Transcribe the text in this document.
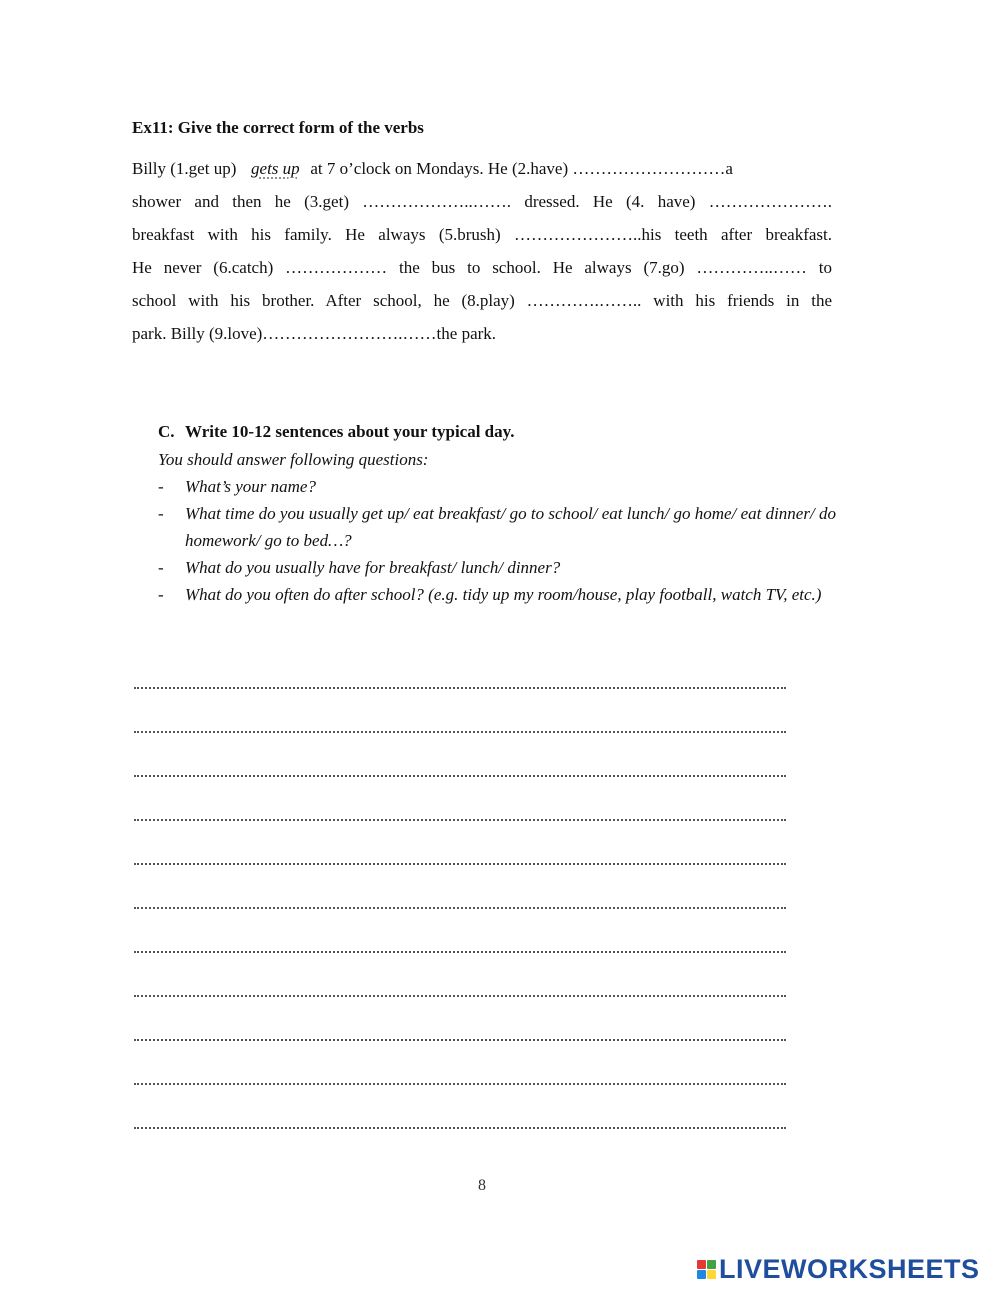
Ex11: Give the correct form of the verbs
Billy (1.get up) gets up at 7 o’clock on Mondays. He (2.have) ………………………a
shower and then he (3.get) ………………..……. dressed. He (4. have) ………………….
breakfast with his family. He always (5.brush) …………………..his teeth after breakfast.
He never (6.catch) ……………… the bus to school. He always (7.go) …………..…… to
school with his brother. After school, he (8.play) ………….…….. with his friends in the
park. Billy (9.love)…………………….……the park.

C. Write 10-12 sentences about your typical day.

You should answer following questions:
- What’s your name?
- What time do you usually get up/ eat breakfast/ go to school/ eat lunch/ go home/ eat dinner/ do homework/ go to bed…?
- What do you usually have for breakfast/ lunch/ dinner?
- What do you often do after school? (e.g. tidy up my room/house, play football, watch TV, etc.)
8
LIVEWORKSHEETS
